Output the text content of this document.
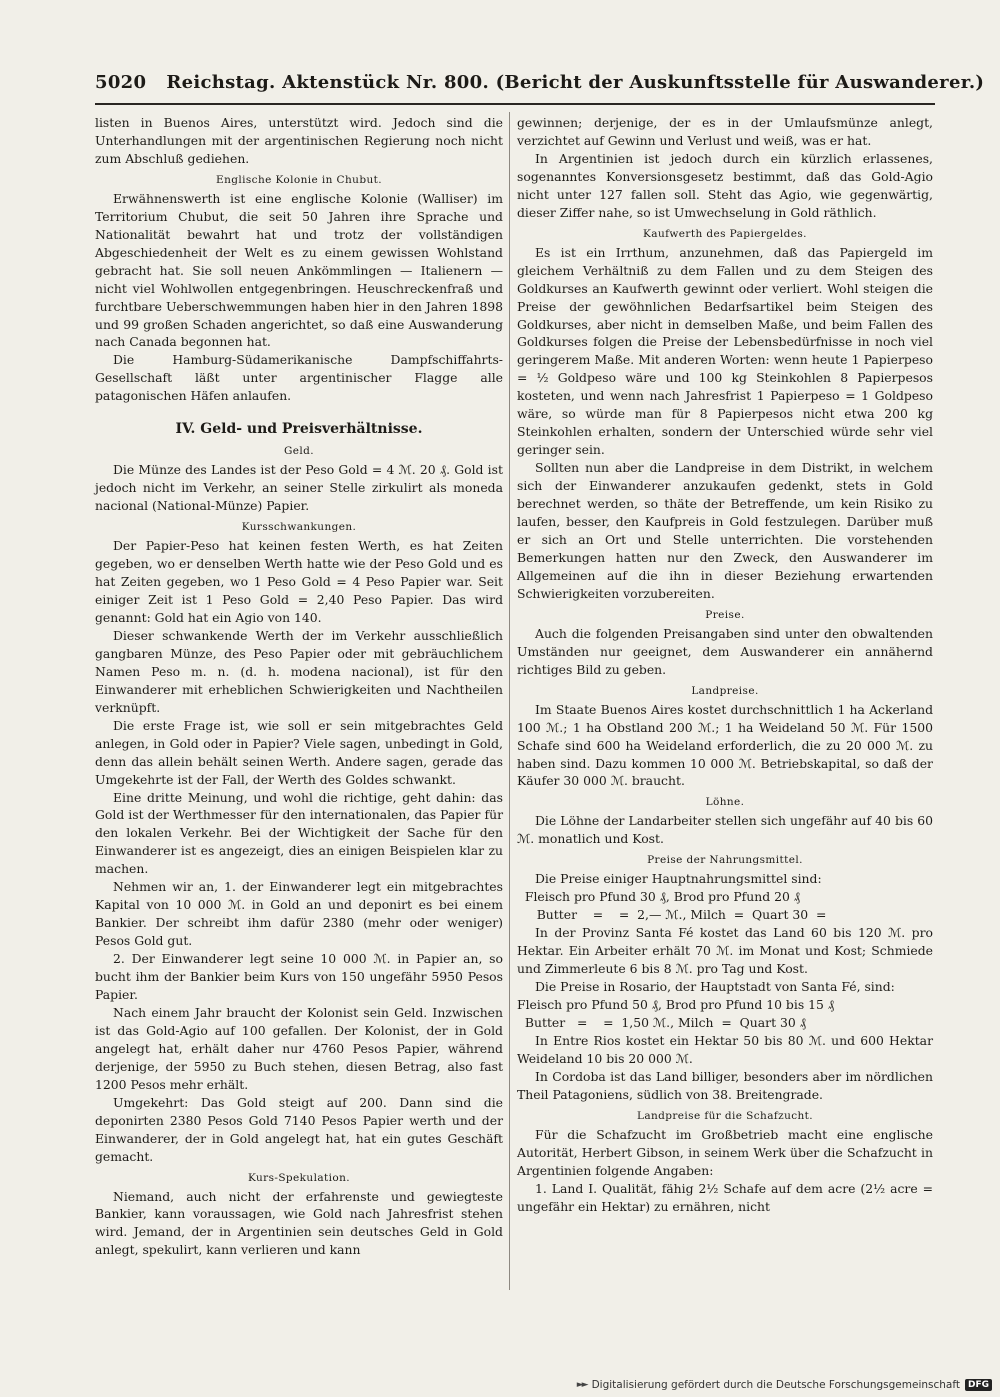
5020 Reichstag. Aktenstück Nr. 800. (Bericht der Auskunftsstelle für Auswanderer.)

listen in Buenos Aires, unterstützt wird. Jedoch sind die Unterhandlungen mit der argentinischen Regierung noch nicht zum Abschluß gediehen.

Englische Kolonie in Chubut.

Erwähnenswerth ist eine englische Kolonie (Walliser) im Territorium Chubut, die seit 50 Jahren ihre Sprache und Nationalität bewahrt hat und trotz der vollständigen Abgeschiedenheit der Welt es zu einem gewissen Wohlstand gebracht hat. Sie soll neuen Ankömmlingen — Italienern — nicht viel Wohlwollen entgegenbringen. Heuschreckenfraß und furchtbare Ueberschwemmungen haben hier in den Jahren 1898 und 99 großen Schaden angerichtet, so daß eine Auswanderung nach Canada begonnen hat.

Die Hamburg-Südamerikanische Dampfschiffahrts-Gesellschaft läßt unter argentinischer Flagge alle patagonischen Häfen anlaufen.

IV. Geld- und Preisverhältnisse.
Geld.

Die Münze des Landes ist der Peso Gold = 4 ℳ. 20 ₰. Gold ist jedoch nicht im Verkehr, an seiner Stelle zirkulirt als moneda nacional (National-Münze) Papier.

Kursschwankungen.

Der Papier-Peso hat keinen festen Werth, es hat Zeiten gegeben, wo er denselben Werth hatte wie der Peso Gold und es hat Zeiten gegeben, wo 1 Peso Gold = 4 Peso Papier war. Seit einiger Zeit ist 1 Peso Gold = 2,40 Peso Papier. Das wird genannt: Gold hat ein Agio von 140.

Dieser schwankende Werth der im Verkehr ausschließlich gangbaren Münze, des Peso Papier oder mit gebräuchlichem Namen Peso m. n. (d. h. modena nacional), ist für den Einwanderer mit erheblichen Schwierigkeiten und Nachtheilen verknüpft.

Die erste Frage ist, wie soll er sein mitgebrachtes Geld anlegen, in Gold oder in Papier? Viele sagen, unbedingt in Gold, denn das allein behält seinen Werth. Andere sagen, gerade das Umgekehrte ist der Fall, der Werth des Goldes schwankt.

Eine dritte Meinung, und wohl die richtige, geht dahin: das Gold ist der Werthmesser für den internationalen, das Papier für den lokalen Verkehr. Bei der Wichtigkeit der Sache für den Einwanderer ist es angezeigt, dies an einigen Beispielen klar zu machen.

Nehmen wir an, 1. der Einwanderer legt ein mitgebrachtes Kapital von 10 000 ℳ. in Gold an und deponirt es bei einem Bankier. Der schreibt ihm dafür 2380 (mehr oder weniger) Pesos Gold gut.

2. Der Einwanderer legt seine 10 000 ℳ. in Papier an, so bucht ihm der Bankier beim Kurs von 150 ungefähr 5950 Pesos Papier.

Nach einem Jahr braucht der Kolonist sein Geld. Inzwischen ist das Gold-Agio auf 100 gefallen. Der Kolonist, der in Gold angelegt hat, erhält daher nur 4760 Pesos Papier, während derjenige, der 5950 zu Buch stehen, diesen Betrag, also fast 1200 Pesos mehr erhält.

Umgekehrt: Das Gold steigt auf 200. Dann sind die deponirten 2380 Pesos Gold 7140 Pesos Papier werth und der Einwanderer, der in Gold angelegt hat, hat ein gutes Geschäft gemacht.

Kurs-Spekulation.

Niemand, auch nicht der erfahrenste und gewiegteste Bankier, kann voraussagen, wie Gold nach Jahresfrist stehen wird. Jemand, der in Argentinien sein deutsches Geld in Gold anlegt, spekulirt, kann verlieren und kann

gewinnen; derjenige, der es in der Umlaufsmünze anlegt, verzichtet auf Gewinn und Verlust und weiß, was er hat.

In Argentinien ist jedoch durch ein kürzlich erlassenes, sogenanntes Konversionsgesetz bestimmt, daß das Gold-Agio nicht unter 127 fallen soll. Steht das Agio, wie gegenwärtig, dieser Ziffer nahe, so ist Umwechselung in Gold räthlich.

Kaufwerth des Papiergeldes.

Es ist ein Irrthum, anzunehmen, daß das Papiergeld im gleichem Verhältniß zu dem Fallen und zu dem Steigen des Goldkurses an Kaufwerth gewinnt oder verliert. Wohl steigen die Preise der gewöhnlichen Bedarfsartikel beim Steigen des Goldkurses, aber nicht in demselben Maße, und beim Fallen des Goldkurses folgen die Preise der Lebensbedürfnisse in noch viel geringerem Maße. Mit anderen Worten: wenn heute 1 Papierpeso = ½ Goldpeso wäre und 100 kg Steinkohlen 8 Papierpesos kosteten, und wenn nach Jahresfrist 1 Papierpeso = 1 Goldpeso wäre, so würde man für 8 Papierpesos nicht etwa 200 kg Steinkohlen erhalten, sondern der Unterschied würde sehr viel geringer sein.

Sollten nun aber die Landpreise in dem Distrikt, in welchem sich der Einwanderer anzukaufen gedenkt, stets in Gold berechnet werden, so thäte der Betreffende, um kein Risiko zu laufen, besser, den Kaufpreis in Gold festzulegen. Darüber muß er sich an Ort und Stelle unterrichten. Die vorstehenden Bemerkungen hatten nur den Zweck, den Auswanderer im Allgemeinen auf die ihn in dieser Beziehung erwartenden Schwierigkeiten vorzubereiten.

Preise.

Auch die folgenden Preisangaben sind unter den obwaltenden Umständen nur geeignet, dem Auswanderer ein annähernd richtiges Bild zu geben.

Landpreise.

Im Staate Buenos Aires kostet durchschnittlich 1 ha Ackerland 100 ℳ.; 1 ha Obstland 200 ℳ.; 1 ha Weideland 50 ℳ. Für 1500 Schafe sind 600 ha Weideland erforderlich, die zu 20 000 ℳ. zu haben sind. Dazu kommen 10 000 ℳ. Betriebskapital, so daß der Käufer 30 000 ℳ. braucht.

Löhne.

Die Löhne der Landarbeiter stellen sich ungefähr auf 40 bis 60 ℳ. monatlich und Kost.

Preise der Nahrungsmittel.

Die Preise einiger Hauptnahrungsmittel sind:

Fleisch pro Pfund 30 ₰, Brod pro Pfund 20 ₰
Butter    =    =  2,— ℳ., Milch  =  Quart 30  =

In der Provinz Santa Fé kostet das Land 60 bis 120 ℳ. pro Hektar. Ein Arbeiter erhält 70 ℳ. im Monat und Kost; Schmiede und Zimmerleute 6 bis 8 ℳ. pro Tag und Kost.

Die Preise in Rosario, der Hauptstadt von Santa Fé, sind:

Fleisch pro Pfund 50 ₰, Brod pro Pfund 10 bis 15 ₰
Butter   =    =  1,50 ℳ., Milch  =  Quart 30 ₰

In Entre Rios kostet ein Hektar 50 bis 80 ℳ. und 600 Hektar Weideland 10 bis 20 000 ℳ.

In Cordoba ist das Land billiger, besonders aber im nördlichen Theil Patagoniens, südlich von 38. Breitengrade.

Landpreise für die Schafzucht.

Für die Schafzucht im Großbetrieb macht eine englische Autorität, Herbert Gibson, in seinem Werk über die Schafzucht in Argentinien folgende Angaben:

1. Land I. Qualität, fähig 2½ Schafe auf dem acre (2½ acre = ungefähr ein Hektar) zu ernähren, nicht

►► Digitalisierung gefördert durch die Deutsche Forschungsgemeinschaft DFG
